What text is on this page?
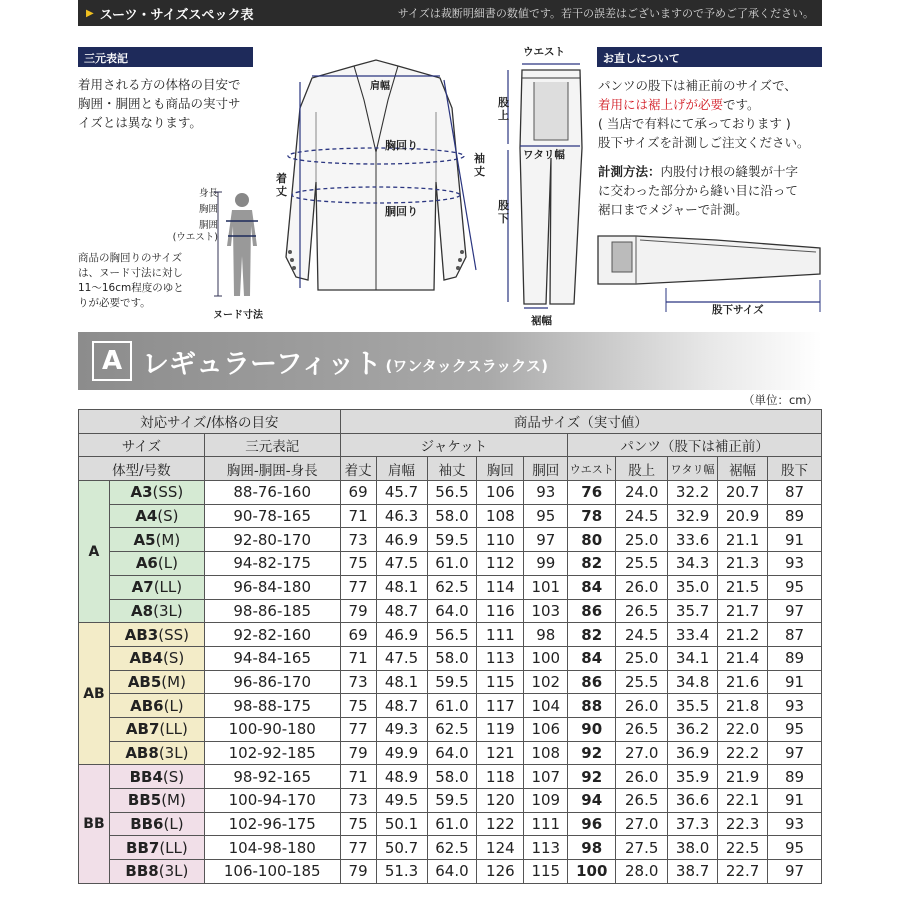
▶ スーツ・サイズスペック表	サイズは裁断明細書の数値です。若干の誤差はございますので予めご了承ください。
三元表記
着用される方の体格の目安で
胸囲・胴囲とも商品の実寸サ
イズとは異なります。
身長
胸囲
胴囲
(ウエスト)
ヌード寸法
商品の胸回りのサイズ
は、ヌード寸法に対し
11〜16cm程度のゆと
りが必要です。
肩幅
胸回り
胴回り
着丈
袖丈
ウエスト
股上
ワタリ幅
股下
裾幅
お直しについて
パンツの股下は補正前のサイズで、
着用には裾上げが必要です。
( 当店で有料にて承っております )
股下サイズを計測しご注文ください。
計測方法：内股付け根の縫製が十字
に交わった部分から縫い目に沿って
裾口までメジャーで計測。
股下サイズ
A レギュラーフィット (ワンタックスラックス)
（単位：cm）
対応サイズ/体格の目安			商品サイズ（実寸値）									
サイズ		三元表記	ジャケット					パンツ（股下は補正前）				
体型/号数		胸囲-胴囲-身長	着丈	肩幅	袖丈	胸回	胴回	ウエスト	股上	ワタリ幅	裾幅	股下
A	A3(SS)	88-76-160	69	45.7	56.5	106	93	76	24.0	32.2	20.7	87
	A4(S)	90-78-165	71	46.3	58.0	108	95	78	24.5	32.9	20.9	89
	A5(M)	92-80-170	73	46.9	59.5	110	97	80	25.0	33.6	21.1	91
	A6(L)	94-82-175	75	47.5	61.0	112	99	82	25.5	34.3	21.3	93
	A7(LL)	96-84-180	77	48.1	62.5	114	101	84	26.0	35.0	21.5	95
	A8(3L)	98-86-185	79	48.7	64.0	116	103	86	26.5	35.7	21.7	97
AB	AB3(SS)	92-82-160	69	46.9	56.5	111	98	82	24.5	33.4	21.2	87
	AB4(S)	94-84-165	71	47.5	58.0	113	100	84	25.0	34.1	21.4	89
	AB5(M)	96-86-170	73	48.1	59.5	115	102	86	25.5	34.8	21.6	91
	AB6(L)	98-88-175	75	48.7	61.0	117	104	88	26.0	35.5	21.8	93
	AB7(LL)	100-90-180	77	49.3	62.5	119	106	90	26.5	36.2	22.0	95
	AB8(3L)	102-92-185	79	49.9	64.0	121	108	92	27.0	36.9	22.2	97
BB	BB4(S)	98-92-165	71	48.9	58.0	118	107	92	26.0	35.9	21.9	89
	BB5(M)	100-94-170	73	49.5	59.5	120	109	94	26.5	36.6	22.1	91
	BB6(L)	102-96-175	75	50.1	61.0	122	111	96	27.0	37.3	22.3	93
	BB7(LL)	104-98-180	77	50.7	62.5	124	113	98	27.5	38.0	22.5	95
	BB8(3L)	106-100-185	79	51.3	64.0	126	115	100	28.0	38.7	22.7	97
